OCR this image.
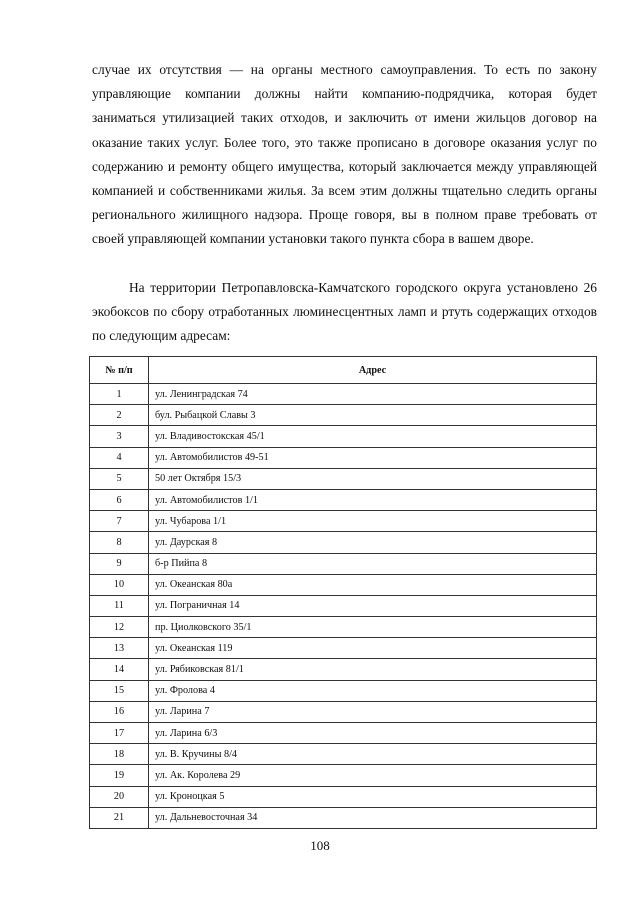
случае их отсутствия — на органы местного самоуправления. То есть по закону управляющие компании должны найти компанию-подрядчика, которая будет заниматься утилизацией таких отходов, и заключить от имени жильцов договор на оказание таких услуг. Более того, это также прописано в договоре оказания услуг по содержанию и ремонту общего имущества, который заключается между управляющей компанией и собственниками жилья. За всем этим должны тщательно следить органы регионального жилищного надзора. Проще говоря, вы в полном праве требовать от своей управляющей компании установки такого пункта сбора в вашем дворе.

На территории Петропавловска-Камчатского городского округа установлено 26 экобоксов по сбору отработанных люминесцентных ламп и ртуть содержащих отходов по следующим адресам:

№ п/п	Адрес
1	ул. Ленинградская 74
2	бул. Рыбацкой Славы 3
3	ул. Владивостокская 45/1
4	ул. Автомобилистов 49-51
5	50 лет Октября 15/3
6	ул. Автомобилистов 1/1
7	ул. Чубарова 1/1
8	ул. Даурская 8
9	б-р Пийпа 8
10	ул. Океанская 80а
11	ул. Пограничная 14
12	пр. Циолковского 35/1
13	ул. Океанская 119
14	ул. Рябиковская 81/1
15	ул. Фролова 4
16	ул. Ларина 7
17	ул. Ларина 6/3
18	ул. В. Кручины 8/4
19	ул. Ак. Королева 29
20	ул. Кроноцкая 5
21	ул. Дальневосточная 34
108
